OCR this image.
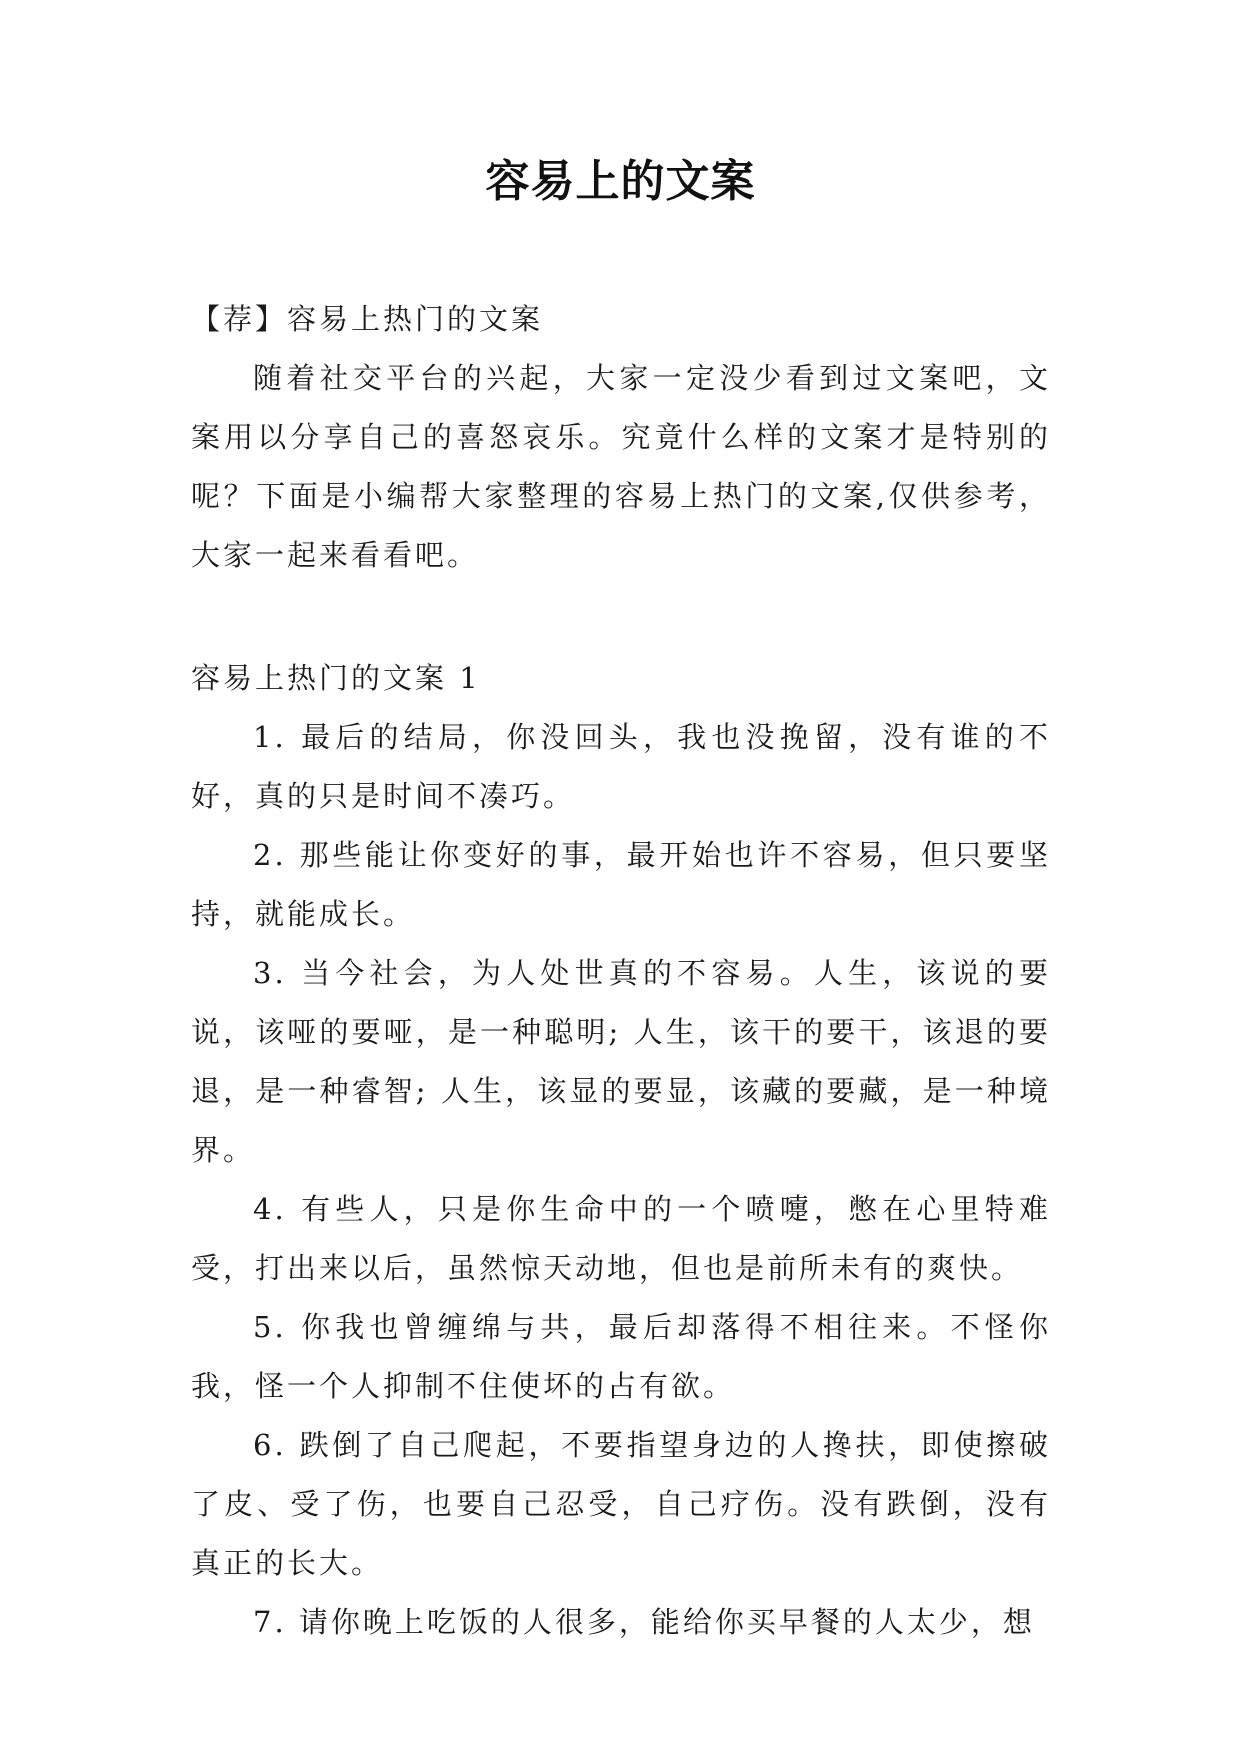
容易上的文案

【荐】容易上热门的文案

随着社交平台的兴起，大家一定没少看到过文案吧，文案用以分享自己的喜怒哀乐。究竟什么样的文案才是特别的呢？下面是小编帮大家整理的容易上热门的文案,仅供参考，大家一起来看看吧。

容易上热门的文案 1

1. 最后的结局，你没回头，我也没挽留，没有谁的不好，真的只是时间不凑巧。

2. 那些能让你变好的事，最开始也许不容易，但只要坚持，就能成长。

3. 当今社会，为人处世真的不容易。人生，该说的要说，该哑的要哑，是一种聪明; 人生，该干的要干，该退的要退，是一种睿智; 人生，该显的要显，该藏的要藏，是一种境界。

4. 有些人，只是你生命中的一个喷嚏，憋在心里特难受，打出来以后，虽然惊天动地，但也是前所未有的爽快。

5. 你我也曾缠绵与共，最后却落得不相往来。不怪你我，怪一个人抑制不住使坏的占有欲。

6. 跌倒了自己爬起，不要指望身边的人搀扶，即使擦破了皮、受了伤，也要自己忍受，自己疗伤。没有跌倒，没有真正的长大。

7. 请你晚上吃饭的人很多，能给你买早餐的人太少，想
